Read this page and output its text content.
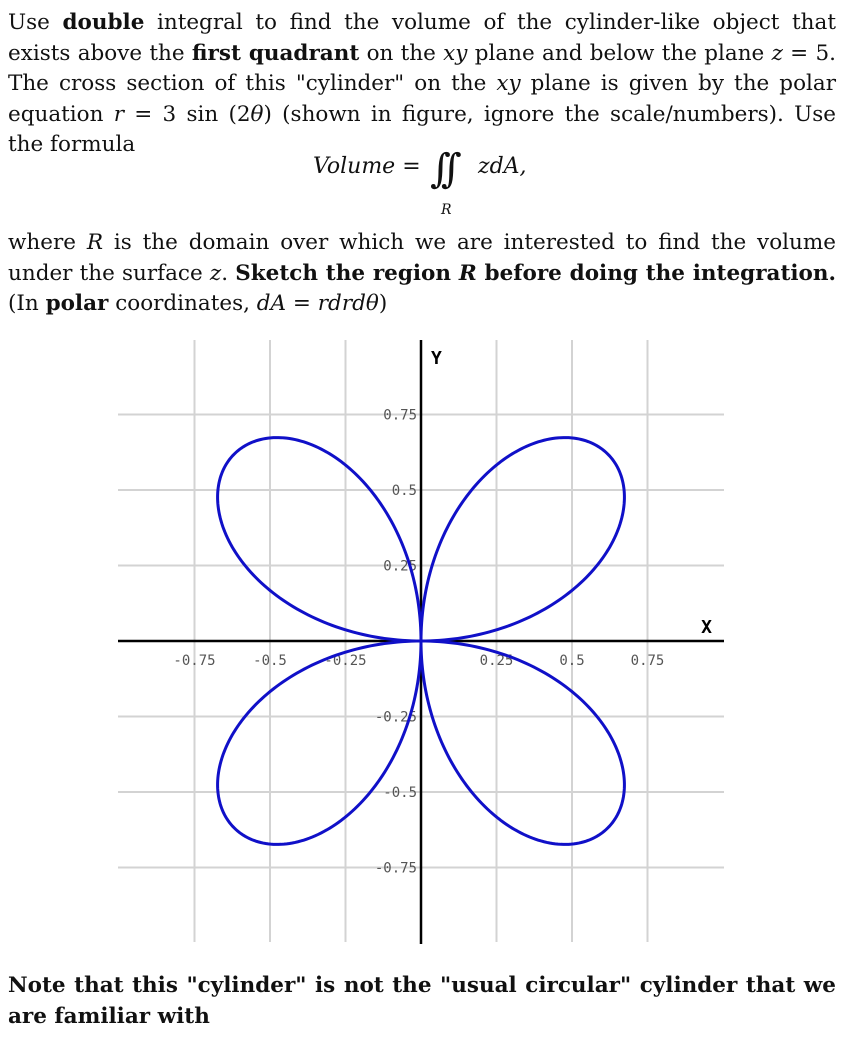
Use double integral to find the volume of the cylinder-like object that exists above the first quadrant on the xy plane and below the plane z = 5. The cross section of this "cylinder" on the xy plane is given by the polar equation r = 3 sin (2θ) (shown in figure, ignore the scale/numbers). Use the formula
Volume = ∫∫ zdA,
R
where R is the domain over which we are interested to find the volume under the surface z. Sketch the region R before doing the integration. (In polar coordinates, dA = rdrdθ)
-0.75	-0.5	-0.25	0.25	0.5	0.75
0.75
0.5
0.25
-0.25
-0.5
-0.75
X
Y
Note that this "cylinder" is not the "usual circular" cylinder that we are familiar with
